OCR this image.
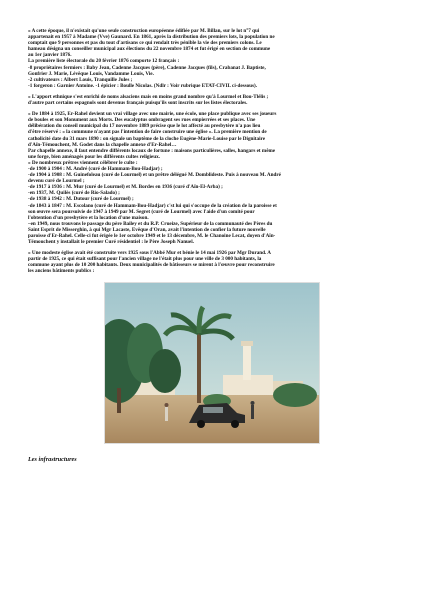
« A cette époque, il n'existait qu'une seule construction européenne édifiée par M. Billan, sur le lot n°7 qui
appartenait en 1957 à Madame (Vve) Gaunard. En 1861, après la distribution des premiers lots, la population ne
comptait que 9 personnes et pas du tout d'artisans ce qui rendait très pénible la vie des premiers colons. Le
hameau désigna un conseiller municipal aux élections du 22 novembre 1874 et fut érigé en section de commune
au 1er janvier 1876.
La première liste électorale du 20 février 1876 comporte 12 français :
-8 propriétaires fermiers : Baby Jean, Cadenne Jacques (père), Cadenne Jacques (fils), Crabanat J. Baptiste,
Gonfrier J. Marie, Lévêque Louis, Vandamme Louis, Vie.
-2 cultivateurs : Albert Louis, Tranquille Jules ;
-1 forgeron : Garnier Antoine. -1 épicier : Boulle Nicolas. (Ndlr : Voir rubrique ETAT-CIVIL ci-dessous).
« L'apport ethnique s'est enrichi de noms alsaciens mais en moins grand nombre qu'à Lourmel et Bou-Tlélis ;
d'autre part certains espagnols sont devenus français puisqu'ils sont inscrits sur les listes électorales.
« De 1884 à 1925, Er-Rahel devient un vrai village avec une mairie, une école, une place publique avec ses joueurs
de boules et son Monument aux Morts. Des eucalyptus ombragent ses rues empierrées et ses places. Une
délibération du conseil municipal du 17 novembre 1889 précise que le lot affecté au presbytère n'a pas lieu
d'être réservé : « la commune n'ayant pas l'intention de faire construire une église ». La première mention de
catholicité date du 31 mars 1890 : on signale un baptême de la cloche Eugène-Marie-Louise par le Dignitaire
d'Aïn-Témouchent, M. Godet dans la chapelle annexe d'Er-Rahel…
Par chapelle annexe, il faut entendre différents locaux de fortune : maisons particulières, salles, hangars et même
une forge, bien aménagés pour les différents cultes religieux.
« De nombreux prêtres viennent célébrer le culte :
-de 1900 à 1904 : M. André (curé de Hammam-Bou-Hadjar) ;
-de 1904 à 1908 : M. Guinefoleau (curé de Lourmel) et un prêtre délégué M. Domblideste. Puis à nouveau M. André
devenu curé de Lourmel ;
-de 1917 à 1936 : M. Mur (curé de Lourmel) et M. Bordes en 1936 (curé d'Aïn-El-Arba) ;
-en 1937, M. Quilès (curé de Rio-Salado) ;
-de 1938 à 1942 : M. Dutour (curé de Lourmel) ;
-de 1843 à 1847 : M. Escolano (curé de Hammam-Bou-Hadjar) c'st lui qui s'occupe de la création de la paroisse et
son œuvre sera poursuivie de 1947 à 1949 par M. Segret (curé de Lourmel) avec l'aide d'un comité pour
l'obtention d'un presbytère et la location d'une maison.
–en 1949, nous trouvons le passage du père Bailey et du R.P. Crueize, Supérieur de la communauté des Pères du
Saint Esprit de Misserghin, à qui Mgr Lacaste, Evêque d'Oran, avait l'intention de confier la future nouvelle
paroisse d'Er-Rahel. Celle-ci fut érigée le 1er octobre 1949 et le 13 décembre, M. le Chanoine Lecat, doyen d'Aïn-
Témouchent y installait le premier Curé résidentiel : le Père Joseph Nanuel.
« Une modeste église avait été construite vers 1925 sous l'Abbé Mur et bénie le 14 mai 1926 par Mgr Durand. A
partir de 1925, ce qui était suffisant pour l'ancien village ne l'était plus pour une ville de 3 000 habitants, la
commune ayant plus de 10 200 habitants. Deux municipalités de bâtisseurs se mirent à l'œuvre pour reconstruire
les anciens bâtiments publics :
Les infrastructures
